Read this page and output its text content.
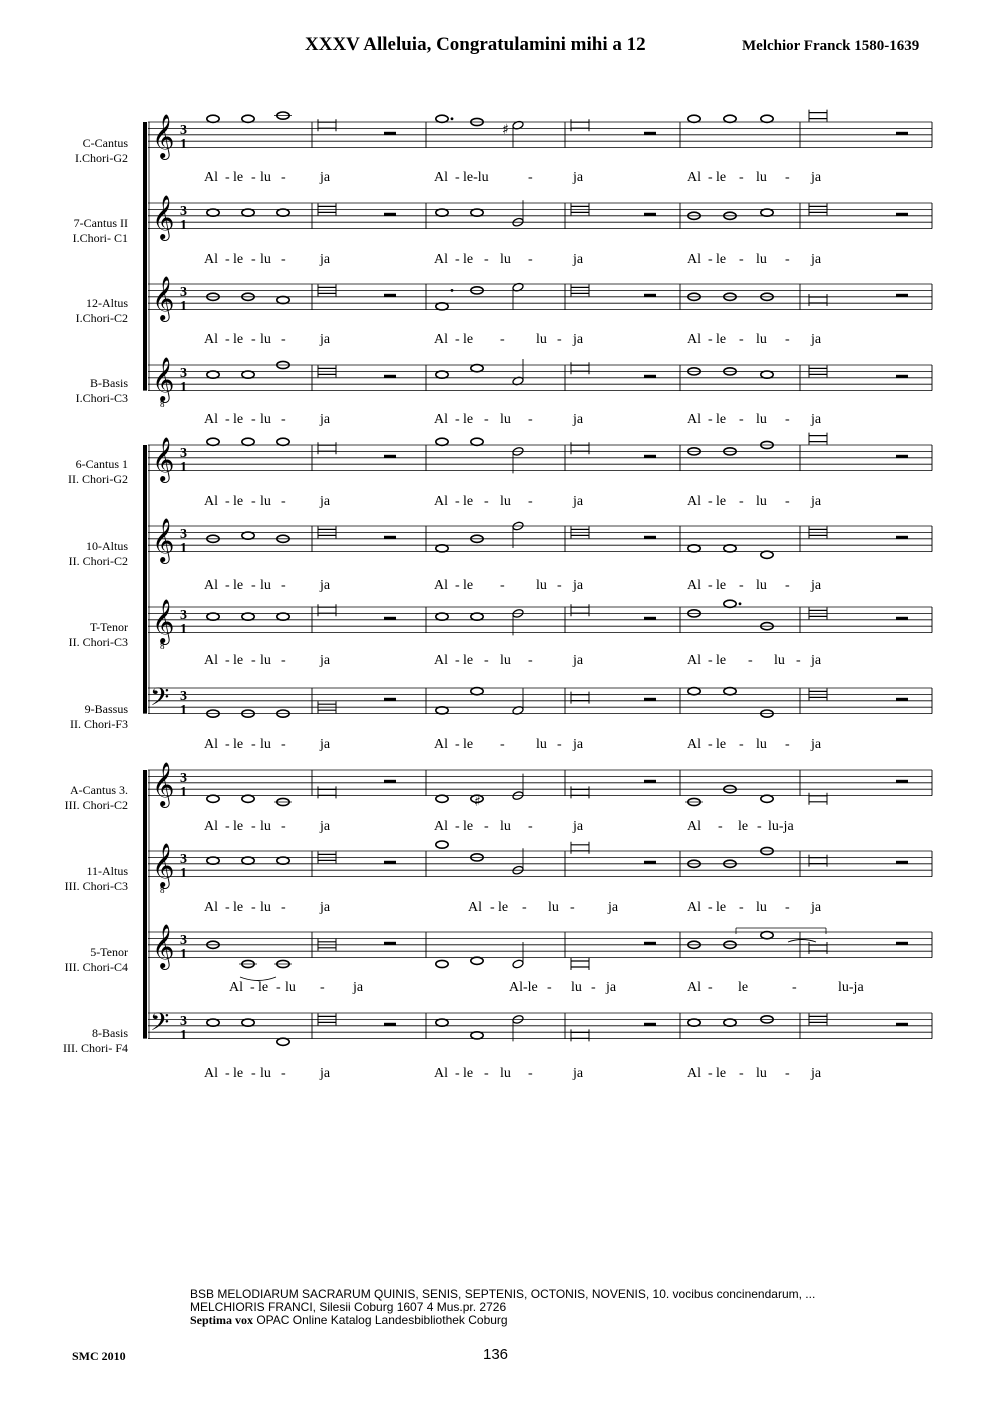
XXXV Alleluia, Congratulamini mihi a 12	Melchior Franck 1580-1639
C-Cantus
I.Chori-G2
7-Cantus II
I.Chori- C1
12-Altus
I.Chori-C2
B-Basis
I.Chori-C3
6-Cantus 1
II. Chori-G2
10-Altus
II. Chori-C2
T-Tenor
II. Chori-C3
9-Bassus
II. Chori-F3
A-Cantus 3.
III. Chori-C2
11-Altus
III. Chori-C3
5-Tenor
III. Chori-C4
8-Basis
III. Chori- F4
𝄞 3
1
𝄞 3
1
𝄞 3
1
𝄞
8
3
1
𝄞 3
1
𝄞 3
1
𝄞
8
3
1
𝄢 3
1
𝄞 3
1
𝄞
8
3
1
𝄞 3
1
𝄢 3
1
♯
♯
Al - le - lu - ja	Al - le-lu	-	ja	Al - le - lu - ja
Al - le - lu - ja	Al - le - lu -	ja	Al - le - lu - ja
Al - le - lu - ja	Al - le - lu - ja	Al - le - lu - ja
Al - le - lu - ja	Al - le - lu -	ja	Al - le - lu - ja
Al - le - lu - ja	Al - le - lu -	ja	Al - le - lu - ja
Al - le - lu - ja	Al - le - lu - ja	Al - le - lu - ja
Al - le - lu - ja	Al - le - lu -	ja	Al - le - lu - ja
Al - le - lu - ja	Al - le - lu - ja	Al - le - lu - ja
Al - le - lu - ja	Al - le - lu -	ja	Al - le - lu-ja
Al - le - lu - ja	Al - le - lu - ja	Al - le - lu - ja
Al - le - lu - ja	Al-le - lu - ja	Al - le	-	lu-ja
Al - le - lu - ja	Al - le - lu -	ja	Al - le - lu - ja
BSB MELODIARUM SACRARUM QUINIS, SENIS, SEPTENIS, OCTONIS, NOVENIS, 10. vocibus concinendarum, ...
MELCHIORIS FRANCI, Silesii Coburg 1607 4 Mus.pr. 2726
Septima vox OPAC Online Katalog Landesbibliothek Coburg
SMC 2010	136
